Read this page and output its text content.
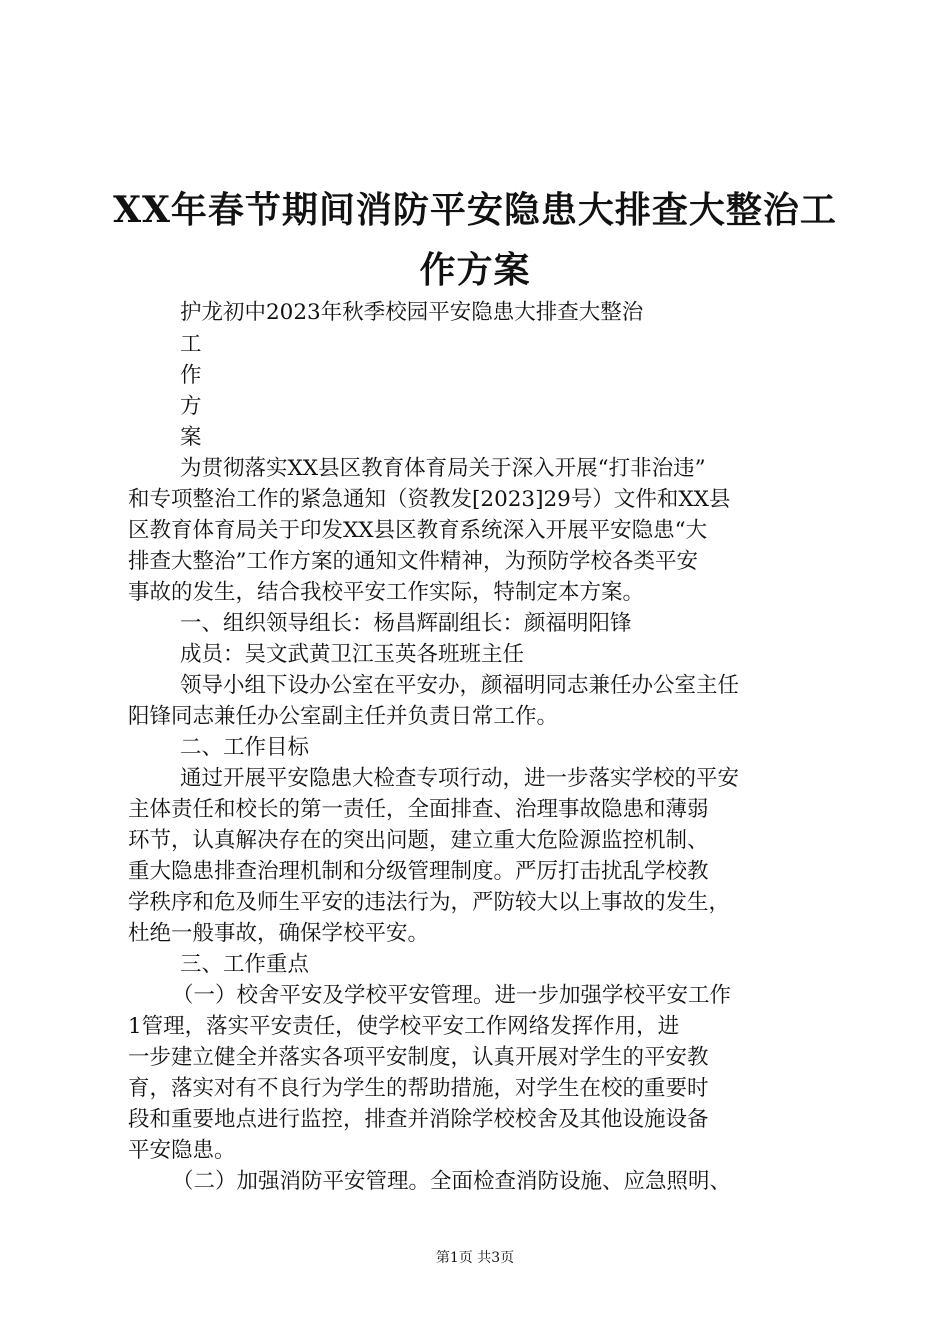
XX年春节期间消防平安隐患大排查大整治工
作方案
护龙初中2023年秋季校园平安隐患大排查大整治
工
作
方
案
为贯彻落实XX县区教育体育局关于深入开展“打非治违”
和专项整治工作的紧急通知（资教发[2023]29号）文件和XX县
区教育体育局关于印发XX县区教育系统深入开展平安隐患“大
排查大整治”工作方案的通知文件精神，为预防学校各类平安
事故的发生，结合我校平安工作实际，特制定本方案。
一、组织领导组长：杨昌辉副组长：颜福明阳锋
成员：吴文武黄卫江玉英各班班主任
领导小组下设办公室在平安办，颜福明同志兼任办公室主任
阳锋同志兼任办公室副主任并负责日常工作。
二、工作目标
通过开展平安隐患大检查专项行动，进一步落实学校的平安
主体责任和校长的第一责任，全面排查、治理事故隐患和薄弱
环节，认真解决存在的突出问题，建立重大危险源监控机制、
重大隐患排查治理机制和分级管理制度。严厉打击扰乱学校教
学秩序和危及师生平安的违法行为，严防较大以上事故的发生，
杜绝一般事故，确保学校平安。
三、工作重点
（一）校舍平安及学校平安管理。进一步加强学校平安工作
1管理，落实平安责任，使学校平安工作网络发挥作用，进
一步建立健全并落实各项平安制度，认真开展对学生的平安教
育，落实对有不良行为学生的帮助措施，对学生在校的重要时
段和重要地点进行监控，排查并消除学校校舍及其他设施设备
平安隐患。
（二）加强消防平安管理。全面检查消防设施、应急照明、
第1页 共3页
